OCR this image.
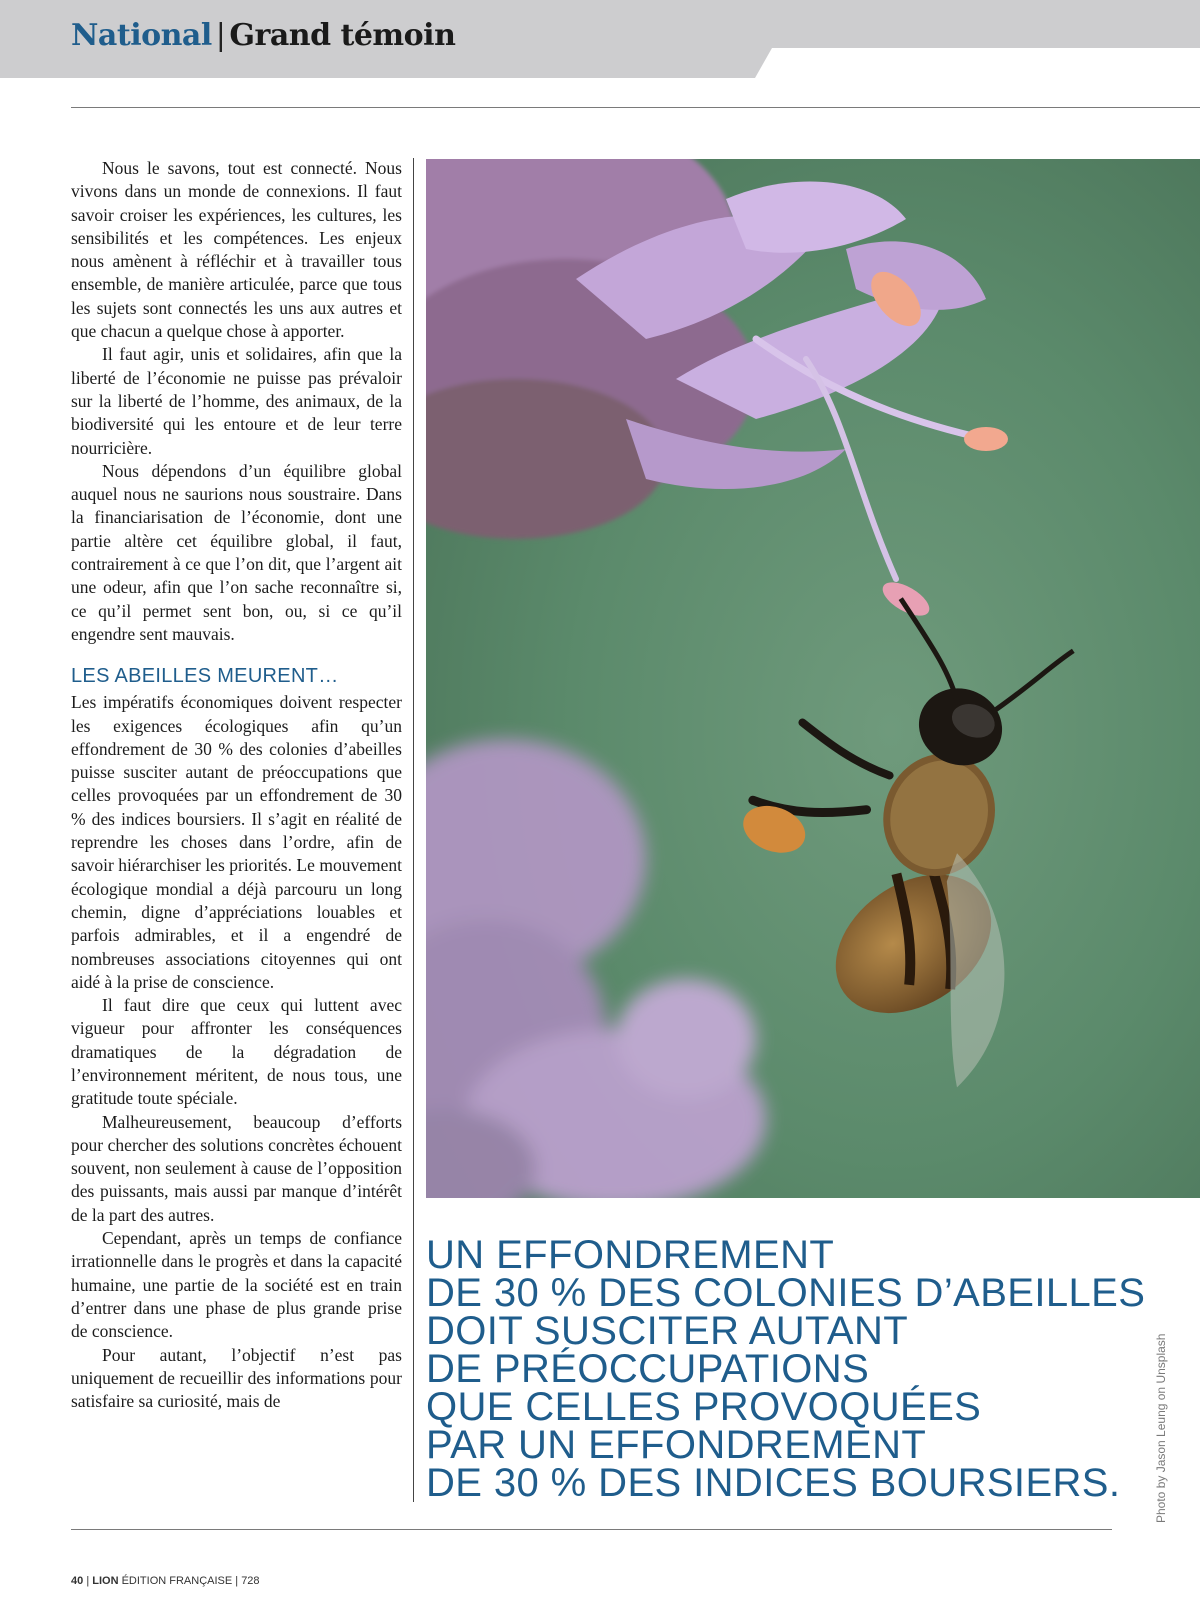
National | Grand témoin

Nous le savons, tout est connecté. Nous vivons dans un monde de connexions. Il faut savoir croiser les expériences, les cultures, les sensibilités et les compétences. Les enjeux nous amènent à réfléchir et à travailler tous ensemble, de manière articulée, parce que tous les sujets sont connectés les uns aux autres et que chacun a quelque chose à apporter.

Il faut agir, unis et solidaires, afin que la liberté de l’économie ne puisse pas prévaloir sur la liberté de l’homme, des animaux, de la biodiversité qui les entoure et de leur terre nourricière.

Nous dépendons d’un équilibre global auquel nous ne saurions nous soustraire. Dans la financiarisation de l’économie, dont une partie altère cet équilibre global, il faut, contrairement à ce que l’on dit, que l’argent ait une odeur, afin que l’on sache reconnaître si, ce qu’il permet sent bon, ou, si ce qu’il engendre sent mauvais.

LES ABEILLES MEURENT…

Les impératifs économiques doivent respecter les exigences écologiques afin qu’un effondrement de 30 % des colonies d’abeilles puisse susciter autant de préoccupations que celles provoquées par un effondrement de 30 % des indices boursiers. Il s’agit en réalité de reprendre les choses dans l’ordre, afin de savoir hiérarchiser les priorités. Le mouvement écologique mondial a déjà parcouru un long chemin, digne d’appréciations louables et parfois admirables, et il a engendré de nombreuses associations citoyennes qui ont aidé à la prise de conscience.

Il faut dire que ceux qui luttent avec vigueur pour affronter les conséquences dramatiques de la dégradation de l’environnement méritent, de nous tous, une gratitude toute spéciale.

Malheureusement, beaucoup d’efforts pour chercher des solutions concrètes échouent souvent, non seulement à cause de l’opposition des puissants, mais aussi par manque d’intérêt de la part des autres.

Cependant, après un temps de confiance irrationnelle dans le progrès et dans la capacité humaine, une partie de la société est en train d’entrer dans une phase de plus grande prise de conscience.

Pour autant, l’objectif n’est pas uniquement de recueillir des informations pour satisfaire sa curiosité, mais de

UN EFFONDREMENT
DE 30 % DES COLONIES D’ABEILLES
DOIT SUSCITER AUTANT
DE PRÉOCCUPATIONS
QUE CELLES PROVOQUÉES
PAR UN EFFONDREMENT
DE 30 % DES INDICES BOURSIERS.	Photo by Jason Leung on Unsplash
40 | LION ÉDITION FRANÇAISE | 728
